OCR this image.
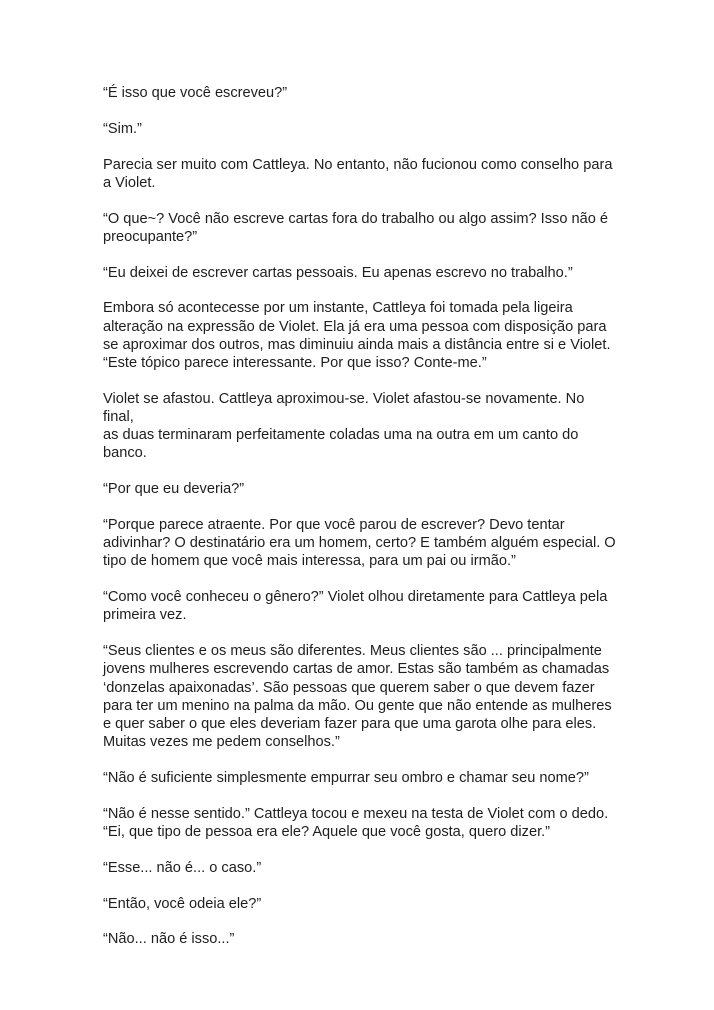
“É isso que você escreveu?”

“Sim.”

Parecia ser muito com Cattleya. No entanto, não fucionou como conselho para
a Violet.

“O que~? Você não escreve cartas fora do trabalho ou algo assim? Isso não é
preocupante?”

“Eu deixei de escrever cartas pessoais. Eu apenas escrevo no trabalho.”

Embora só acontecesse por um instante, Cattleya foi tomada pela ligeira
alteração na expressão de Violet. Ela já era uma pessoa com disposição para
se aproximar dos outros, mas diminuiu ainda mais a distância entre si e Violet.
“Este tópico parece interessante. Por que isso? Conte-me.”

Violet se afastou. Cattleya aproximou-se. Violet afastou-se novamente. No final,
as duas terminaram perfeitamente coladas uma na outra em um canto do
banco.

“Por que eu deveria?”

“Porque parece atraente. Por que você parou de escrever? Devo tentar
adivinhar? O destinatário era um homem, certo? E também alguém especial. O
tipo de homem que você mais interessa, para um pai ou irmão.”

“Como você conheceu o gênero?” Violet olhou diretamente para Cattleya pela
primeira vez.

“Seus clientes e os meus são diferentes. Meus clientes são ... principalmente
jovens mulheres escrevendo cartas de amor. Estas são também as chamadas
‘donzelas apaixonadas’. São pessoas que querem saber o que devem fazer
para ter um menino na palma da mão. Ou gente que não entende as mulheres
e quer saber o que eles deveriam fazer para que uma garota olhe para eles.
Muitas vezes me pedem conselhos.”

“Não é suficiente simplesmente empurrar seu ombro e chamar seu nome?”

“Não é nesse sentido.” Cattleya tocou e mexeu na testa de Violet com o dedo.
“Ei, que tipo de pessoa era ele? Aquele que você gosta, quero dizer.”

“Esse... não é... o caso.”

“Então, você odeia ele?”

“Não... não é isso...”
